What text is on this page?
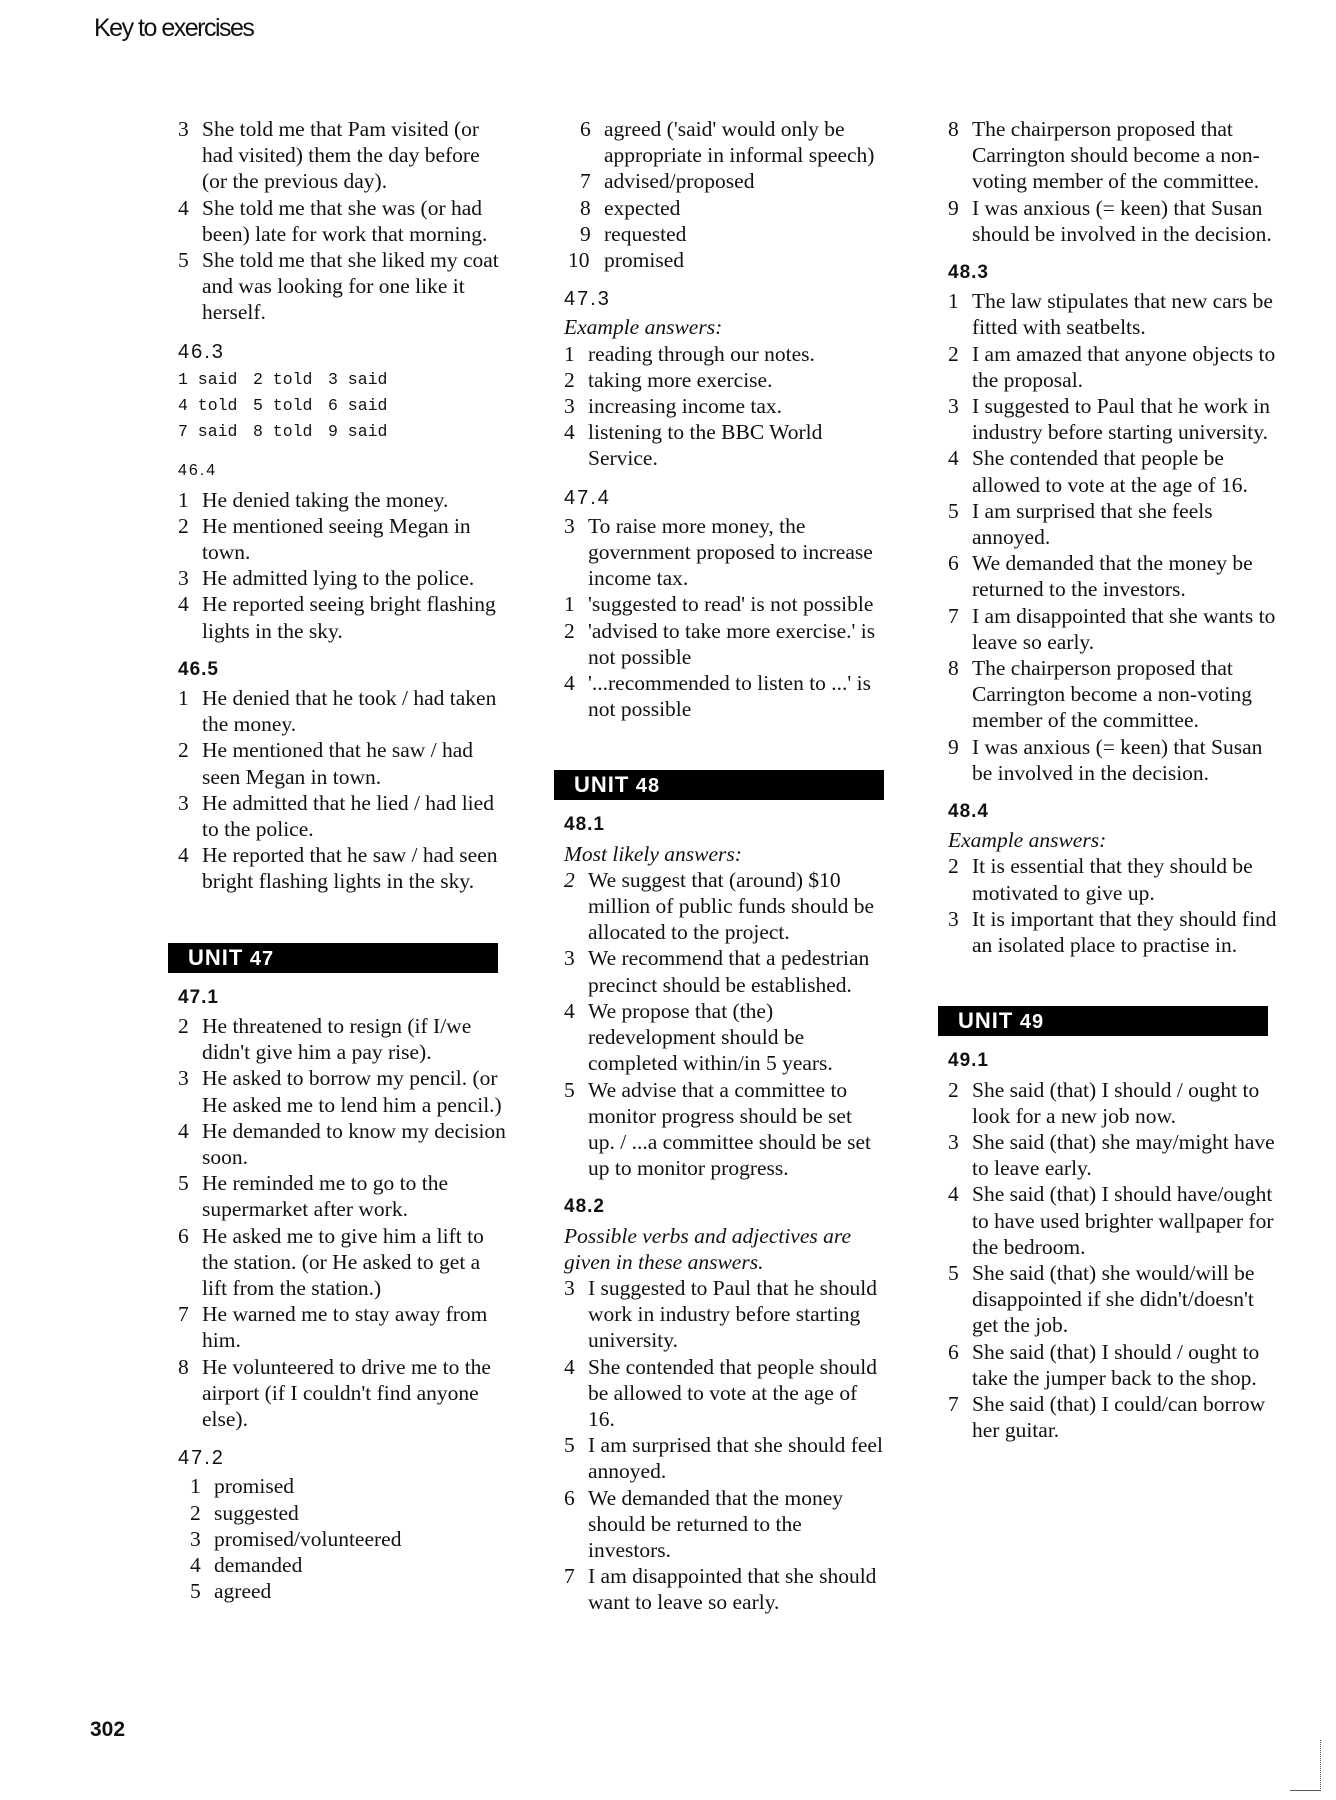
Key to exercises
3 She told me that Pam visited (or had visited) them the day before (or the previous day).
4 She told me that she was (or had been) late for work that morning.
5 She told me that she liked my coat and was looking for one like it herself.
46.3
1 said 2 told 3 said
4 told 5 told 6 said
7 said 8 told 9 said
46.4
1 He denied taking the money.
2 He mentioned seeing Megan in town.
3 He admitted lying to the police.
4 He reported seeing bright flashing lights in the sky.
46.5
1 He denied that he took / had taken the money.
2 He mentioned that he saw / had seen Megan in town.
3 He admitted that he lied / had lied to the police.
4 He reported that he saw / had seen bright flashing lights in the sky.
UNIT 47
47.1
2 He threatened to resign (if I/we didn't give him a pay rise).
3 He asked to borrow my pencil. (or He asked me to lend him a pencil.)
4 He demanded to know my decision soon.
5 He reminded me to go to the supermarket after work.
6 He asked me to give him a lift to the station. (or He asked to get a lift from the station.)
7 He warned me to stay away from him.
8 He volunteered to drive me to the airport (if I couldn't find anyone else).
47.2
1 promised
2 suggested
3 promised/volunteered
4 demanded
5 agreed
6 agreed ('said' would only be appropriate in informal speech)
7 advised/proposed
8 expected
9 requested
10 promised
47.3
Example answers:
1 reading through our notes.
2 taking more exercise.
3 increasing income tax.
4 listening to the BBC World Service.
47.4
3 To raise more money, the government proposed to increase income tax.
1 'suggested to read' is not possible
2 'advised to take more exercise.' is not possible
4 '...recommended to listen to ...' is not possible
UNIT 48
48.1
Most likely answers:
2 We suggest that (around) $10 million of public funds should be allocated to the project.
3 We recommend that a pedestrian precinct should be established.
4 We propose that (the) redevelopment should be completed within/in 5 years.
5 We advise that a committee to monitor progress should be set up. / ...a committee should be set up to monitor progress.
48.2
Possible verbs and adjectives are given in these answers.
3 I suggested to Paul that he should work in industry before starting university.
4 She contended that people should be allowed to vote at the age of 16.
5 I am surprised that she should feel annoyed.
6 We demanded that the money should be returned to the investors.
7 I am disappointed that she should want to leave so early.
8 The chairperson proposed that Carrington should become a non-voting member of the committee.
9 I was anxious (= keen) that Susan should be involved in the decision.
48.3
1 The law stipulates that new cars be fitted with seatbelts.
2 I am amazed that anyone objects to the proposal.
3 I suggested to Paul that he work in industry before starting university.
4 She contended that people be allowed to vote at the age of 16.
5 I am surprised that she feels annoyed.
6 We demanded that the money be returned to the investors.
7 I am disappointed that she wants to leave so early.
8 The chairperson proposed that Carrington become a non-voting member of the committee.
9 I was anxious (= keen) that Susan be involved in the decision.
48.4
Example answers:
2 It is essential that they should be motivated to give up.
3 It is important that they should find an isolated place to practise in.
UNIT 49
49.1
2 She said (that) I should / ought to look for a new job now.
3 She said (that) she may/might have to leave early.
4 She said (that) I should have/ought to have used brighter wallpaper for the bedroom.
5 She said (that) she would/will be disappointed if she didn't/doesn't get the job.
6 She said (that) I should / ought to take the jumper back to the shop.
7 She said (that) I could/can borrow her guitar.
302
